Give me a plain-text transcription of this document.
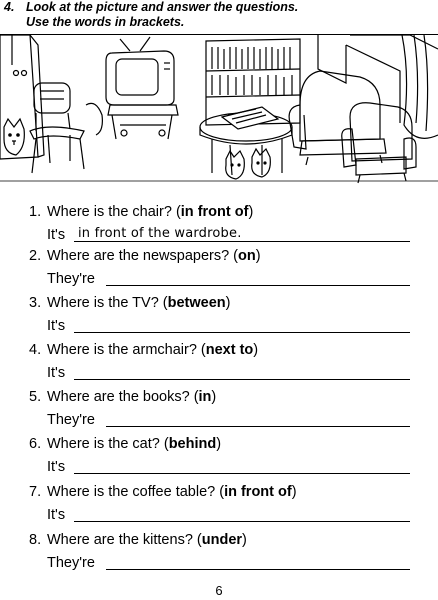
4. Look at the picture and answer the questions.
Use the words in brackets.
1. Where is the chair? (in front of)
It's in front of the wardrobe.
2. Where are the newspapers? (on)
They're
3. Where is the TV? (between)
It's
4. Where is the armchair? (next to)
It's
5. Where are the books? (in)
They're
6. Where is the cat? (behind)
It's
7. Where is the coffee table? (in front of)
It's
8. Where are the kittens? (under)
They're
6
